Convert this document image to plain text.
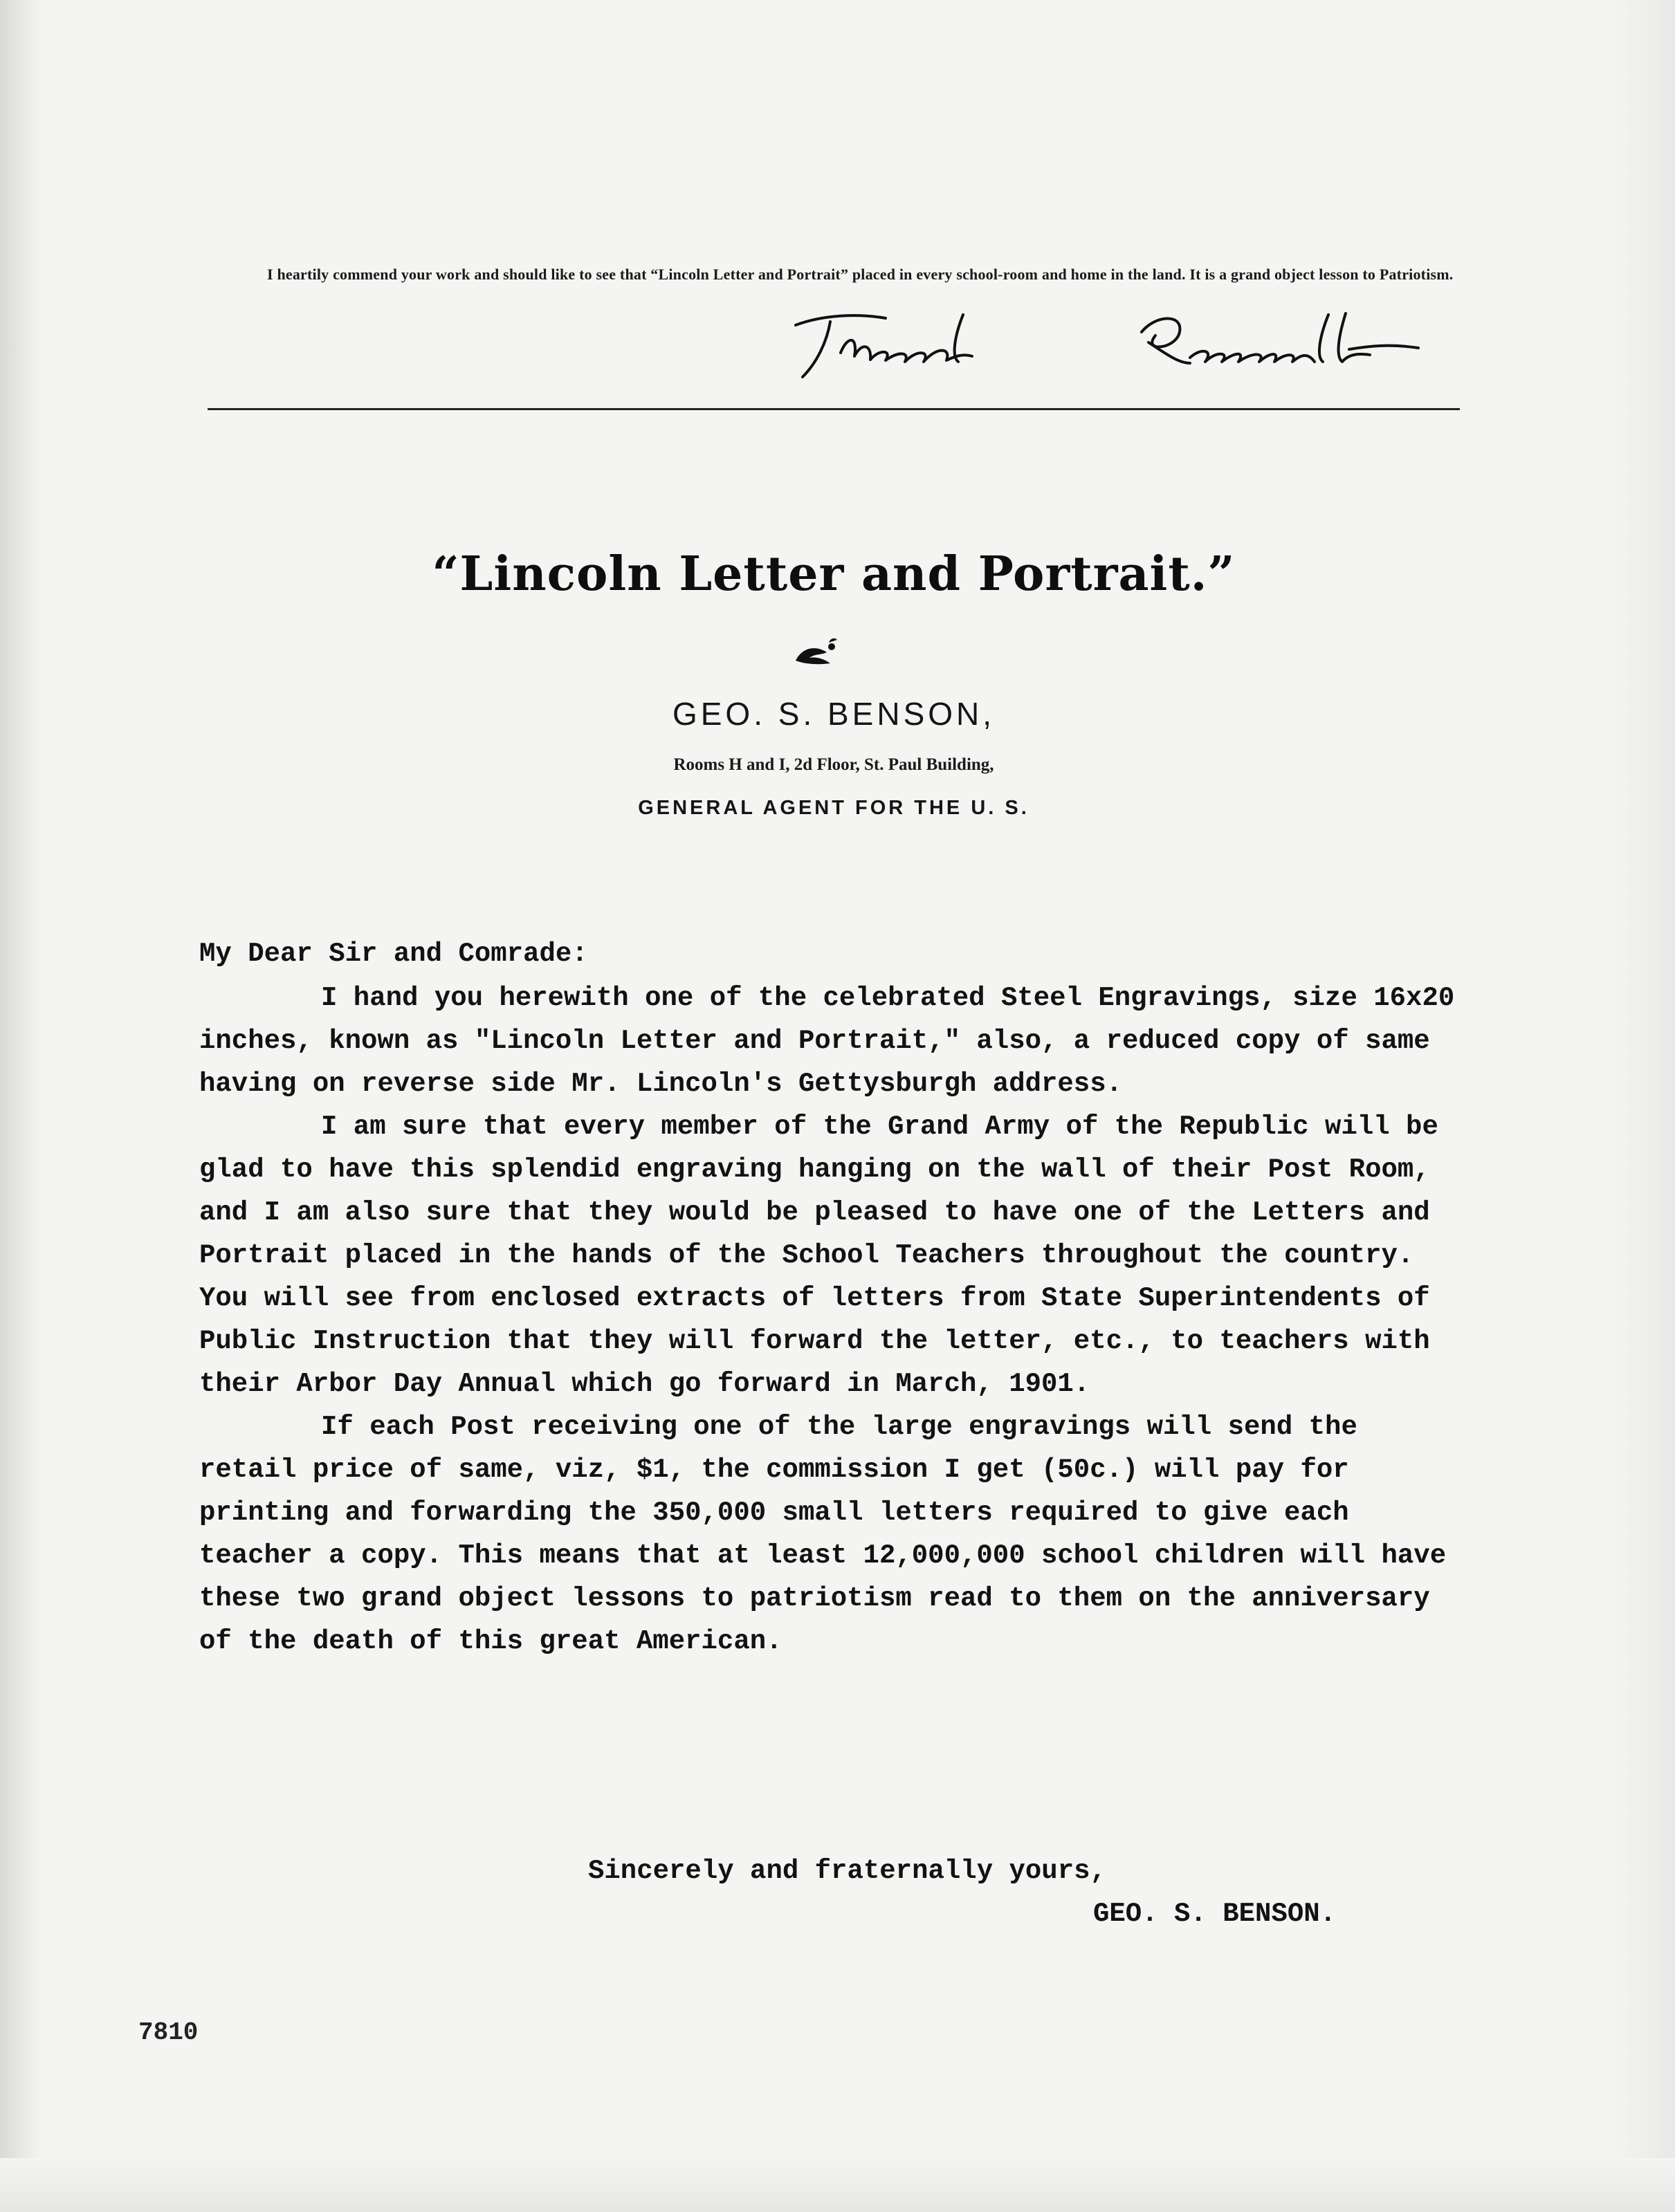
I heartily commend your work and should like to see that “Lincoln Letter and Portrait” placed in every school-room and home in the land. It is a grand object lesson to Patriotism.
“Lincoln Letter and Portrait.”
GEO. S. BENSON,
Rooms H and I, 2d Floor, St. Paul Building,
GENERAL AGENT FOR THE U. S.

My Dear Sir and Comrade:

I hand you herewith one of the celebrated Steel Engravings, size 16x20 inches, known as "Lincoln Letter and Portrait," also, a reduced copy of same having on reverse side Mr. Lincoln's Gettysburgh address.

I am sure that every member of the Grand Army of the Republic will be glad to have this splendid engraving hanging on the wall of their Post Room, and I am also sure that they would be pleased to have one of the Letters and Portrait placed in the hands of the School Teachers throughout the country. You will see from enclosed extracts of letters from State Superintendents of Public Instruction that they will forward the letter, etc., to teachers with their Arbor Day Annual which go forward in March, 1901.

If each Post receiving one of the large engravings will send the retail price of same, viz, $1, the commission I get (50c.) will pay for printing and forwarding the 350,000 small letters required to give each teacher a copy. This means that at least 12,000,000 school children will have these two grand object lessons to patriotism read to them on the anniversary of the death of this great American.

Sincerely and fraternally yours,
GEO. S. BENSON.
7810
